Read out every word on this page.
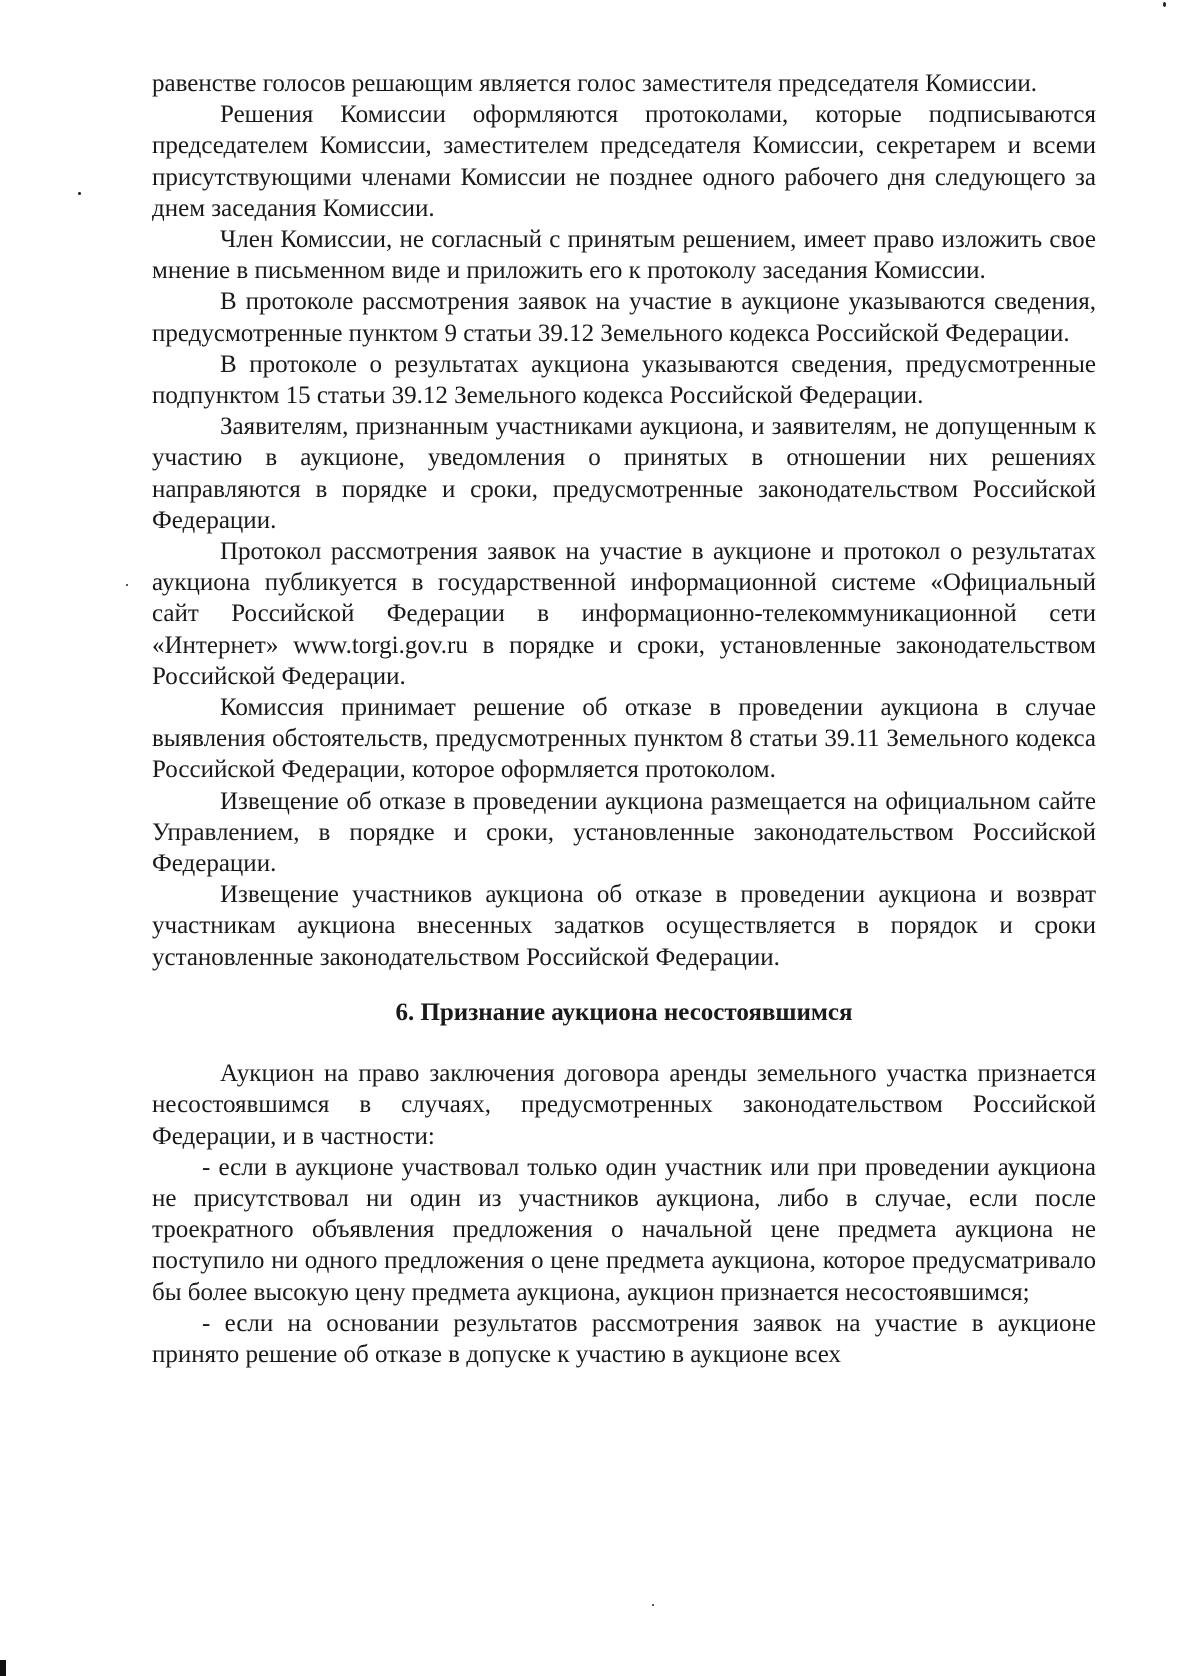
равенстве голосов решающим является голос заместителя председателя Комиссии.

Решения Комиссии оформляются протоколами, которые подписываются председателем Комиссии, заместителем председателя Комиссии, секретарем и всеми присутствующими членами Комиссии не позднее одного рабочего дня следующего за днем заседания Комиссии.

Член Комиссии, не согласный с принятым решением, имеет право изложить свое мнение в письменном виде и приложить его к протоколу заседания Комиссии.

В протоколе рассмотрения заявок на участие в аукционе указываются сведения, предусмотренные пунктом 9 статьи 39.12 Земельного кодекса Российской Федерации.

В протоколе о результатах аукциона указываются сведения, предусмотренные подпунктом 15 статьи 39.12 Земельного кодекса Российской Федерации.

Заявителям, признанным участниками аукциона, и заявителям, не допущенным к участию в аукционе, уведомления о принятых в отношении них решениях направляются в порядке и сроки, предусмотренные законодательством Российской Федерации.

Протокол рассмотрения заявок на участие в аукционе и протокол о результатах аукциона публикуется в государственной информационной системе «Официальный сайт Российской Федерации в информационно-телекоммуникационной сети «Интернет» www.torgi.gov.ru в порядке и сроки, установленные законодательством Российской Федерации.

Комиссия принимает решение об отказе в проведении аукциона в случае выявления обстоятельств, предусмотренных пунктом 8 статьи 39.11 Земельного кодекса Российской Федерации, которое оформляется протоколом.

Извещение об отказе в проведении аукциона размещается на официальном сайте Управлением, в порядке и сроки, установленные законодательством Российской Федерации.

Извещение участников аукциона об отказе в проведении аукциона и возврат участникам аукциона внесенных задатков осуществляется в порядок и сроки установленные законодательством Российской Федерации.

6. Признание аукциона несостоявшимся

Аукцион на право заключения договора аренды земельного участка признается несостоявшимся в случаях, предусмотренных законодательством Российской Федерации, и в частности:

- если в аукционе участвовал только один участник или при проведении аукциона не присутствовал ни один из участников аукциона, либо в случае, если после троекратного объявления предложения о начальной цене предмета аукциона не поступило ни одного предложения о цене предмета аукциона, которое предусматривало бы более высокую цену предмета аукциона, аукцион признается несостоявшимся;

- если на основании результатов рассмотрения заявок на участие в аукционе принято решение об отказе в допуске к участию в аукционе всех
